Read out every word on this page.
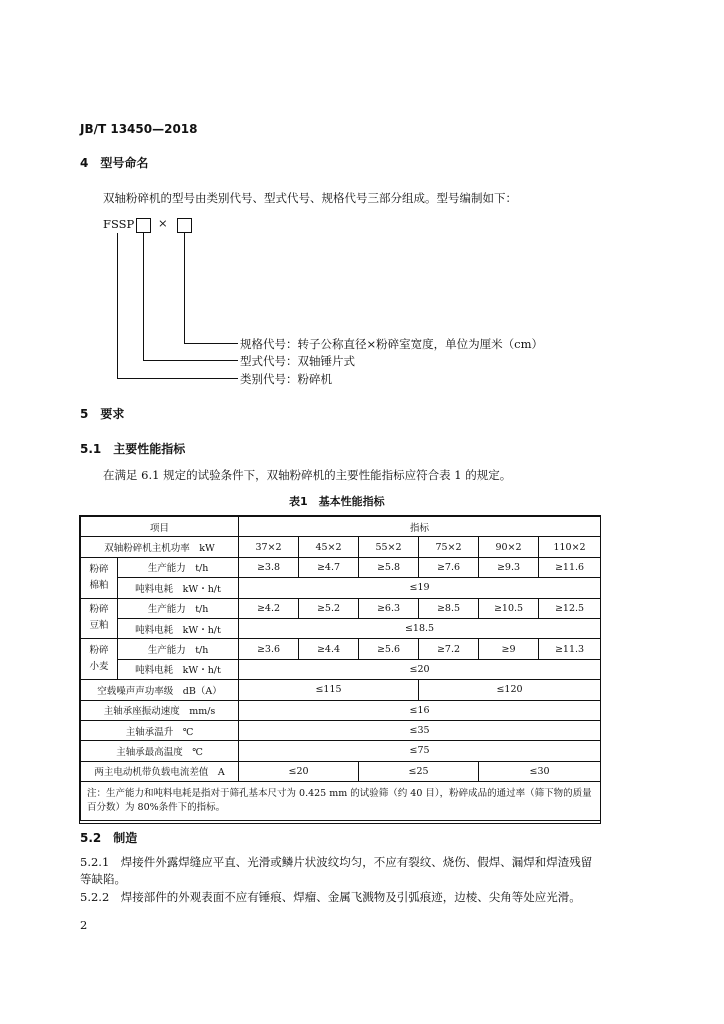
JB/T 13450—2018
4　型号命名
双轴粉碎机的型号由类别代号、型式代号、规格代号三部分组成。型号编制如下：
FSSP ×
规格代号：转子公称直径×粉碎室宽度，单位为厘米（cm）
型式代号：双轴锤片式
类别代号：粉碎机
5　要求
5.1　主要性能指标
在满足 6.1 规定的试验条件下，双轴粉碎机的主要性能指标应符合表 1 的规定。
表1　基本性能指标
项目		指标					
双轴粉碎机主机功率　kW		37×2	45×2	55×2	75×2	90×2	110×2
粉碎
棉粕	生产能力　t/h	≥3.8	≥4.7	≥5.8	≥7.6	≥9.3	≥11.6
	吨料电耗　kW・h/t	≤19					
粉碎
豆粕	生产能力　t/h	≥4.2	≥5.2	≥6.3	≥8.5	≥10.5	≥12.5
	吨料电耗　kW・h/t	≤18.5					
粉碎
小麦	生产能力　t/h	≥3.6	≥4.4	≥5.6	≥7.2	≥9	≥11.3
	吨料电耗　kW・h/t	≤20					
空载噪声声功率级　dB（A）		≤115			≤120		
主轴承座振动速度　mm/s		≤16					
主轴承温升　℃		≤35					
主轴承最高温度　℃		≤75					
两主电动机带负载电流差值　A		≤20		≤25		≤30	
注：生产能力和吨料电耗是指对于筛孔基本尺寸为 0.425 mm 的试验筛（约 40 目），粉碎成品的通过率（筛下物的质量百分数）为 80%条件下的指标。							
5.2　制造
5.2.1　焊接件外露焊缝应平直、光滑或鳞片状波纹均匀，不应有裂纹、烧伤、假焊、漏焊和焊渣残留
等缺陷。
5.2.2　焊接部件的外观表面不应有锤痕、焊瘤、金属飞溅物及引弧痕迹，边棱、尖角等处应光滑。
2
